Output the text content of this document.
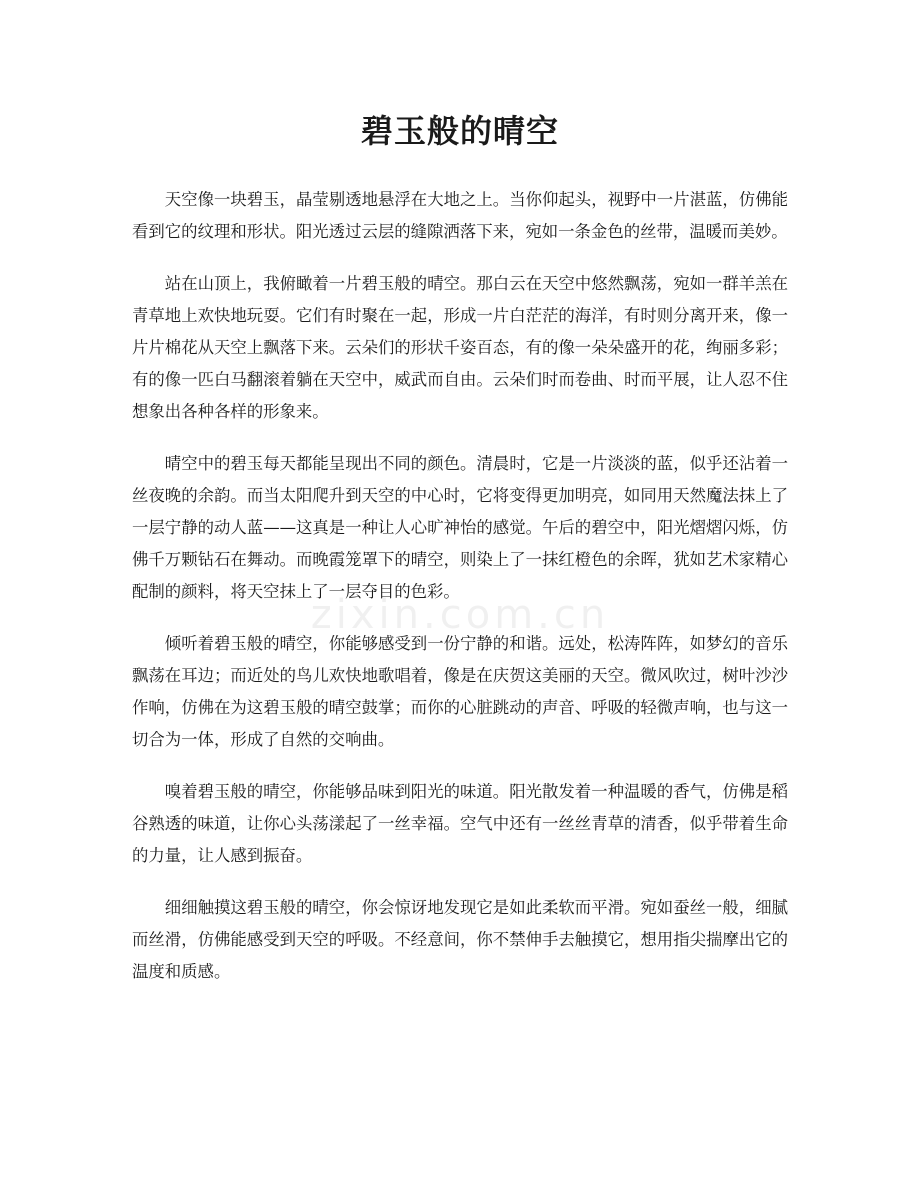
碧玉般的晴空
zixin.com.cn

天空像一块碧玉，晶莹剔透地悬浮在大地之上。当你仰起头，视野中一片湛蓝，仿佛能看到它的纹理和形状。阳光透过云层的缝隙洒落下来，宛如一条金色的丝带，温暖而美妙。

站在山顶上，我俯瞰着一片碧玉般的晴空。那白云在天空中悠然飘荡，宛如一群羊羔在青草地上欢快地玩耍。它们有时聚在一起，形成一片白茫茫的海洋，有时则分离开来，像一片片棉花从天空上飘落下来。云朵们的形状千姿百态，有的像一朵朵盛开的花，绚丽多彩；有的像一匹白马翻滚着躺在天空中，威武而自由。云朵们时而卷曲、时而平展，让人忍不住想象出各种各样的形象来。

晴空中的碧玉每天都能呈现出不同的颜色。清晨时，它是一片淡淡的蓝，似乎还沾着一丝夜晚的余韵。而当太阳爬升到天空的中心时，它将变得更加明亮，如同用天然魔法抹上了一层宁静的动人蓝——这真是一种让人心旷神怡的感觉。午后的碧空中，阳光熠熠闪烁，仿佛千万颗钻石在舞动。而晚霞笼罩下的晴空，则染上了一抹红橙色的余晖，犹如艺术家精心配制的颜料，将天空抹上了一层夺目的色彩。

倾听着碧玉般的晴空，你能够感受到一份宁静的和谐。远处，松涛阵阵，如梦幻的音乐飘荡在耳边；而近处的鸟儿欢快地歌唱着，像是在庆贺这美丽的天空。微风吹过，树叶沙沙作响，仿佛在为这碧玉般的晴空鼓掌；而你的心脏跳动的声音、呼吸的轻微声响，也与这一切合为一体，形成了自然的交响曲。

嗅着碧玉般的晴空，你能够品味到阳光的味道。阳光散发着一种温暖的香气，仿佛是稻谷熟透的味道，让你心头荡漾起了一丝幸福。空气中还有一丝丝青草的清香，似乎带着生命的力量，让人感到振奋。

细细触摸这碧玉般的晴空，你会惊讶地发现它是如此柔软而平滑。宛如蚕丝一般，细腻而丝滑，仿佛能感受到天空的呼吸。不经意间，你不禁伸手去触摸它，想用指尖揣摩出它的温度和质感。
